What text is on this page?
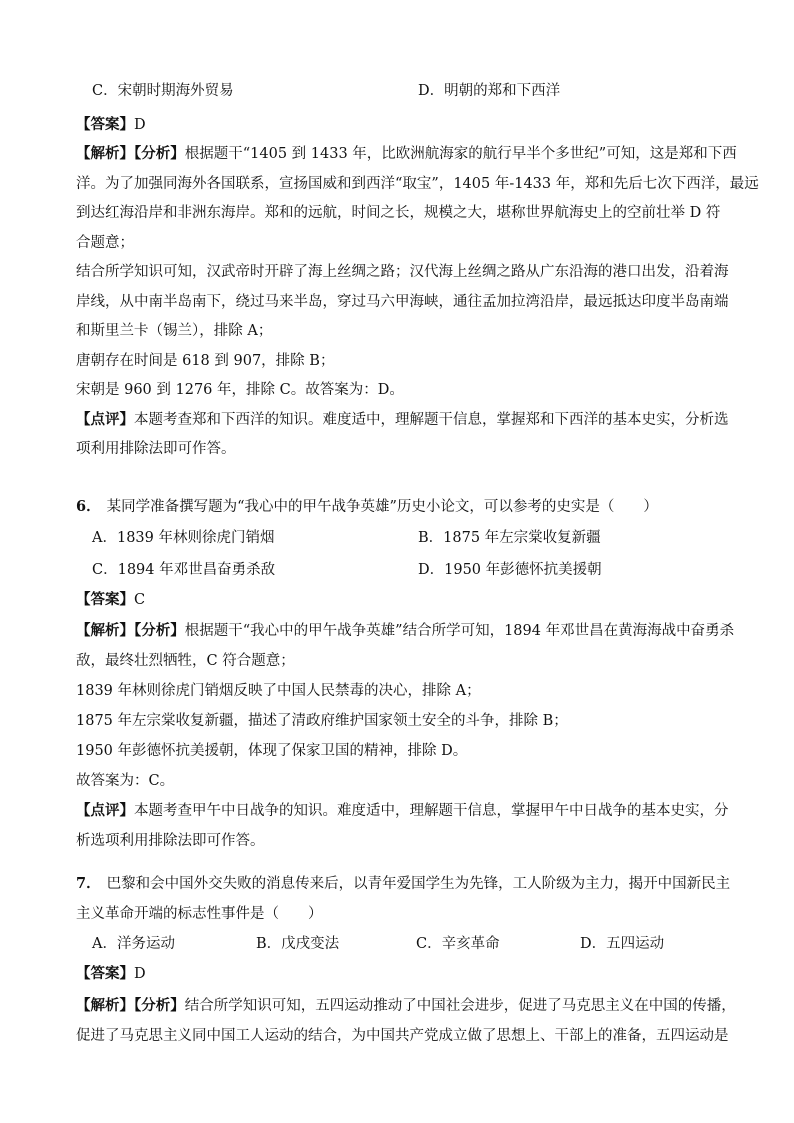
C．宋朝时期海外贸易	D．明朝的郑和下西洋
【答案】D
【解析】【分析】根据题干“1405 到 1433 年，比欧洲航海家的航行早半个多世纪”可知，这是郑和下西
洋。为了加强同海外各国联系，宣扬国威和到西洋“取宝”，1405 年-1433 年，郑和先后七次下西洋，最远
到达红海沿岸和非洲东海岸。郑和的远航，时间之长，规模之大，堪称世界航海史上的空前壮举 D 符
合题意；
结合所学知识可知，汉武帝时开辟了海上丝绸之路；汉代海上丝绸之路从广东沿海的港口出发，沿着海
岸线，从中南半岛南下，绕过马来半岛，穿过马六甲海峡，通往孟加拉湾沿岸，最远抵达印度半岛南端
和斯里兰卡（锡兰），排除 A；
唐朝存在时间是 618 到 907，排除 B；
宋朝是 960 到 1276 年，排除 C。故答案为：D。
【点评】本题考查郑和下西洋的知识。难度适中，理解题干信息，掌握郑和下西洋的基本史实，分析选
项利用排除法即可作答。
6． 某同学准备撰写题为“我心中的甲午战争英雄”历史小论文，可以参考的史实是（　　）
A．1839 年林则徐虎门销烟	B．1875 年左宗棠收复新疆
C．1894 年邓世昌奋勇杀敌	D．1950 年彭德怀抗美援朝
【答案】C
【解析】【分析】根据题干“我心中的甲午战争英雄”结合所学可知，1894 年邓世昌在黄海海战中奋勇杀
敌，最终壮烈牺牲，C 符合题意；
1839 年林则徐虎门销烟反映了中国人民禁毒的决心，排除 A；
1875 年左宗棠收复新疆，描述了清政府维护国家领土安全的斗争，排除 B；
1950 年彭德怀抗美援朝，体现了保家卫国的精神，排除 D。
故答案为：C。
【点评】本题考查甲午中日战争的知识。难度适中，理解题干信息，掌握甲午中日战争的基本史实，分
析选项利用排除法即可作答。
7． 巴黎和会中国外交失败的消息传来后，以青年爱国学生为先锋，工人阶级为主力，揭开中国新民主
主义革命开端的标志性事件是（　　）
A．洋务运动	B．戊戌变法	C．辛亥革命	D．五四运动
【答案】D
【解析】【分析】结合所学知识可知，五四运动推动了中国社会进步，促进了马克思主义在中国的传播，
促进了马克思主义同中国工人运动的结合，为中国共产党成立做了思想上、干部上的准备，五四运动是
